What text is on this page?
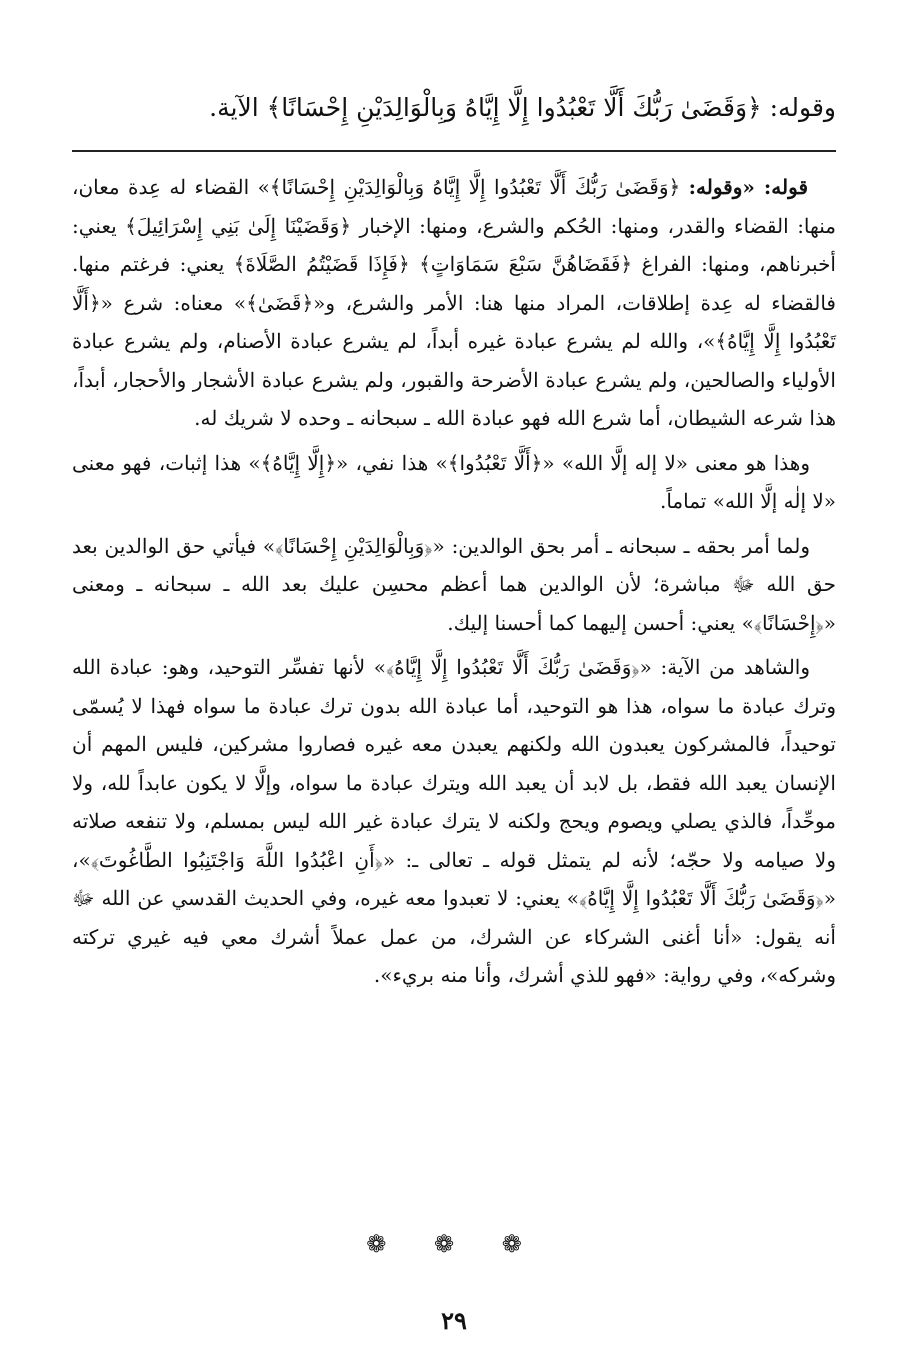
وقوله: ﴿وَقَضَىٰ رَبُّكَ أَلَّا تَعْبُدُوا إِلَّا إِيَّاهُ وَبِالْوَالِدَيْنِ إِحْسَانًا﴾ الآية.

قوله: «وقوله: ﴿وَقَضَىٰ رَبُّكَ أَلَّا تَعْبُدُوا إِلَّا إِيَّاهُ وَبِالْوَالِدَيْنِ إِحْسَانًا﴾» القضاء له عِدة معان، منها: القضاء والقدر، ومنها: الحُكم والشرع، ومنها: الإخبار ﴿وَقَضَيْنَا إِلَىٰ بَنِي إِسْرَائِيلَ﴾ يعني: أخبرناهم، ومنها: الفراغ ﴿فَقَضَاهُنَّ سَبْعَ سَمَاوَاتٍ﴾ ﴿فَإِذَا قَضَيْتُمُ الصَّلَاةَ﴾ يعني: فرغتم منها. فالقضاء له عِدة إطلاقات، المراد منها هنا: الأمر والشرع، و«﴿قَضَىٰ﴾» معناه: شرع «﴿أَلَّا تَعْبُدُوا إِلَّا إِيَّاهُ﴾»، والله لم يشرع عبادة غيره أبداً، لم يشرع عبادة الأصنام، ولم يشرع عبادة الأولياء والصالحين، ولم يشرع عبادة الأضرحة والقبور، ولم يشرع عبادة الأشجار والأحجار، أبداً، هذا شرعه الشيطان، أما شرع الله فهو عبادة الله ـ سبحانه ـ وحده لا شريك له.

وهذا هو معنى «لا إله إلَّا الله» «﴿أَلَّا تَعْبُدُوا﴾» هذا نفي، «﴿إِلَّا إِيَّاهُ﴾» هذا إثبات، فهو معنى «لا إلٰه إلَّا الله» تماماً.

ولما أمر بحقه ـ سبحانه ـ أمر بحق الوالدين: «﴿وَبِالْوَالِدَيْنِ إِحْسَانًا﴾» فيأتي حق الوالدين بعد حق الله ﷻ مباشرة؛ لأن الوالدين هما أعظم محسِن عليك بعد الله ـ سبحانه ـ ومعنى «﴿إِحْسَانًا﴾» يعني: أحسن إليهما كما أحسنا إليك.

والشاهد من الآية: «﴿وَقَضَىٰ رَبُّكَ أَلَّا تَعْبُدُوا إِلَّا إِيَّاهُ﴾» لأنها تفسِّر التوحيد، وهو: عبادة الله وترك عبادة ما سواه، هذا هو التوحيد، أما عبادة الله بدون ترك عبادة ما سواه فهذا لا يُسمّى توحيداً، فالمشركون يعبدون الله ولكنهم يعبدن معه غيره فصاروا مشركين، فليس المهم أن الإنسان يعبد الله فقط، بل لابد أن يعبد الله ويترك عبادة ما سواه، وإلَّا لا يكون عابداً لله، ولا موحِّداً، فالذي يصلي ويصوم ويحج ولكنه لا يترك عبادة غير الله ليس بمسلم، ولا تنفعه صلاته ولا صيامه ولا حجّه؛ لأنه لم يتمثل قوله ـ تعالى ـ: «﴿أَنِ اعْبُدُوا اللَّهَ وَاجْتَنِبُوا الطَّاغُوتَ﴾»، «﴿وَقَضَىٰ رَبُّكَ أَلَّا تَعْبُدُوا إِلَّا إِيَّاهُ﴾» يعني: لا تعبدوا معه غيره، وفي الحديث القدسي عن الله ﷻ أنه يقول: «أنا أغنى الشركاء عن الشرك، من عمل عملاً أشرك معي فيه غيري تركته وشركه»، وفي رواية: «فهو للذي أشرك، وأنا منه بريء».

❁ ❁ ❁
٢٩
